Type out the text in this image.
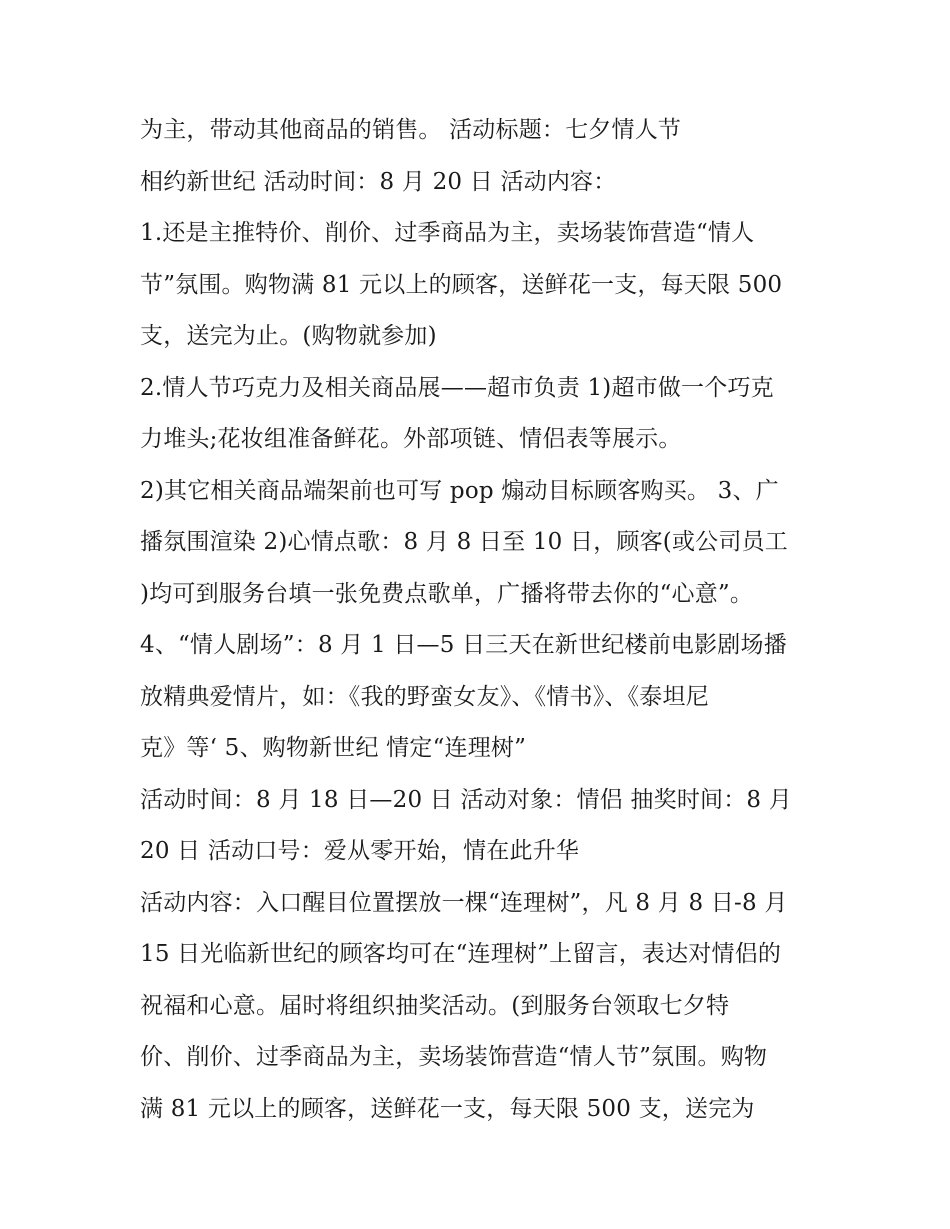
为主，带动其他商品的销售。 活动标题：七夕情人节
相约新世纪 活动时间：8 月 20 日 活动内容：
1.还是主推特价、削价、过季商品为主，卖场装饰营造“情人
节”氛围。购物满 81 元以上的顾客，送鲜花一支，每天限 500
支，送完为止。(购物就参加)
2.情人节巧克力及相关商品展——超市负责 1)超市做一个巧克
力堆头;花妆组准备鲜花。外部项链、情侣表等展示。
2)其它相关商品端架前也可写 pop 煽动目标顾客购买。 3、广
播氛围渲染 2)心情点歌：8 月 8 日至 10 日，顾客(或公司员工
)均可到服务台填一张免费点歌单，广播将带去你的“心意”。
4、“情人剧场”：8 月 1 日—5 日三天在新世纪楼前电影剧场播
放精典爱情片，如：《我的野蛮女友》、《情书》、《泰坦尼
克》等‘ 5、购物新世纪 情定“连理树”
活动时间：8 月 18 日—20 日 活动对象：情侣 抽奖时间：8 月
20 日 活动口号：爱从零开始，情在此升华
活动内容：入口醒目位置摆放一棵“连理树”，凡 8 月 8 日-8 月
15 日光临新世纪的顾客均可在“连理树”上留言，表达对情侣的
祝福和心意。届时将组织抽奖活动。(到服务台领取七夕特
价、削价、过季商品为主，卖场装饰营造“情人节”氛围。购物
满 81 元以上的顾客，送鲜花一支，每天限 500 支，送完为
